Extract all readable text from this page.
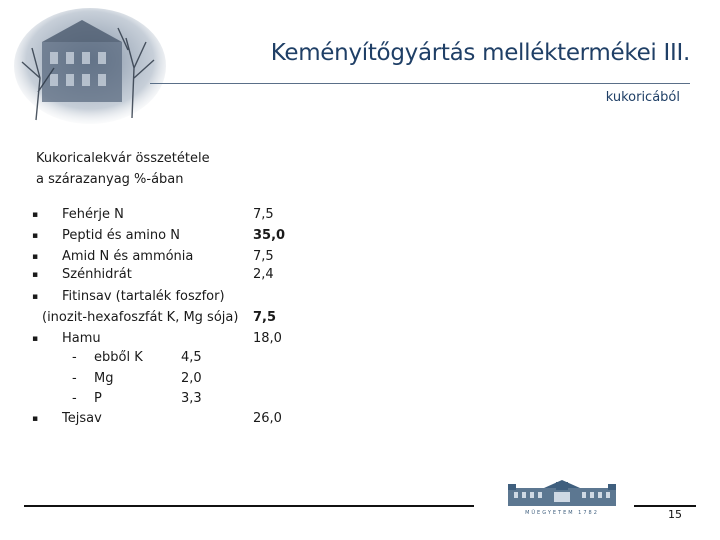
Keményítőgyártás melléktermékei III.
kukoricából
Kukoricalekvár összetétele
a szárazanyag %-ában
▪ Fehérje N	7,5
▪ Peptid és amino N	35,0
▪ Amid N és ammónia	7,5
▪ Szénhidrát	2,4
▪ Fitinsav (tartalék foszfor)
(inozit-hexafoszfát K, Mg sója) 7,5
▪ Hamu	18,0
- ebből K	4,5
- Mg	2,0
- P	3,3
▪ Tejsav	26,0
MŰEGYETEM 1782	15
